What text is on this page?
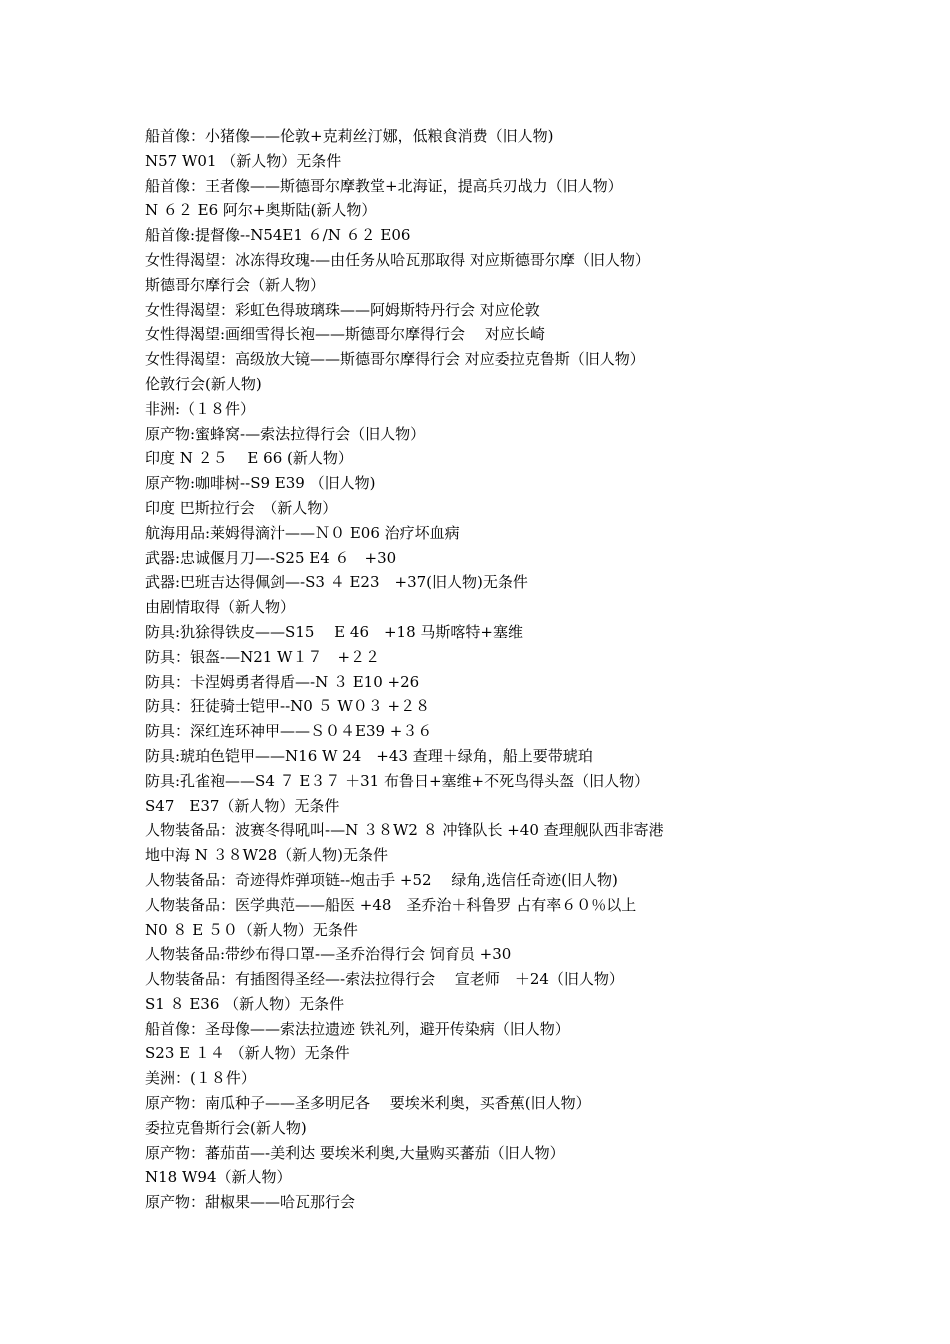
船首像：小猪像——伦敦+克莉丝汀娜，低粮食消费（旧人物)

N57 W01 （新人物）无条件

船首像：王者像——斯德哥尔摩教堂+北海证，提高兵刃战力（旧人物）

N ６２ E6 阿尔+奥斯陆(新人物）

船首像:提督像--N54E1 ６/N ６２ E06

女性得渴望：冰冻得玫瑰-—由任务从哈瓦那取得 对应斯德哥尔摩（旧人物）

斯德哥尔摩行会（新人物）

女性得渴望：彩虹色得玻璃珠——阿姆斯特丹行会 对应伦敦

女性得渴望:画细雪得长袍——斯德哥尔摩得行会　 对应长崎

女性得渴望：高级放大镜——斯德哥尔摩得行会 对应委拉克鲁斯（旧人物）

伦敦行会(新人物)

非洲:（１８件）

原产物:蜜蜂窝-—索法拉得行会（旧人物）

印度 N ２５　 E 66 (新人物）

原产物:咖啡树--S9 E39 （旧人物)

印度 巴斯拉行会　（新人物）

航海用品:莱姆得滴汁——Ｎ０ E06 治疗坏血病

武器:忠诚偃月刀—-S25 E4 ６　+30

武器:巴班吉达得佩剑—-S3 ４ E23　+37(旧人物)无条件

由剧情取得（新人物）

防具:犰狳得铁皮——S15　 E 46　+18 马斯喀特+塞维

防具：银盔-—N21 W１７　+２２

防具：卡涅姆勇者得盾—-N ３ E10 +26

防具：狂徒骑士铠甲--N0 ５ W０３ +２８

防具：深红连环神甲——Ｓ０４E39 +３６

防具:琥珀色铠甲——N16 W 24　+43 查理＋绿角，船上要带琥珀

防具:孔雀袍——S4 ７ E３７ ＋31 布鲁日+塞维+不死鸟得头盔（旧人物）

S47　E37（新人物）无条件

人物装备品：波赛冬得吼叫-—N ３８W2 ８ 冲锋队长 +40 查理舰队西非寄港

地中海 N ３８W28（新人物)无条件

人物装备品：奇迹得炸弹项链--炮击手 +52　 绿角,选信任奇迹(旧人物)

人物装备品：医学典范——船医 +48　圣乔治＋科鲁罗 占有率６０％以上

N0 ８ E ５０（新人物）无条件

人物装备品:带纱布得口罩-—圣乔治得行会 饲育员 +30

人物装备品：有插图得圣经—-索法拉得行会　 宣老师　＋24（旧人物）

S1 ８ E36 （新人物）无条件

船首像：圣母像——索法拉遗迹 铁礼列，避开传染病（旧人物）

S23 E １４ （新人物）无条件

美洲：(１８件）

原产物：南瓜种子——圣多明尼各　 要埃米利奥，买香蕉(旧人物）

委拉克鲁斯行会(新人物)

原产物：蕃茄苗—-美利达 要埃米利奥,大量购买蕃茄（旧人物）

N18 W94（新人物）

原产物：甜椒果——哈瓦那行会
